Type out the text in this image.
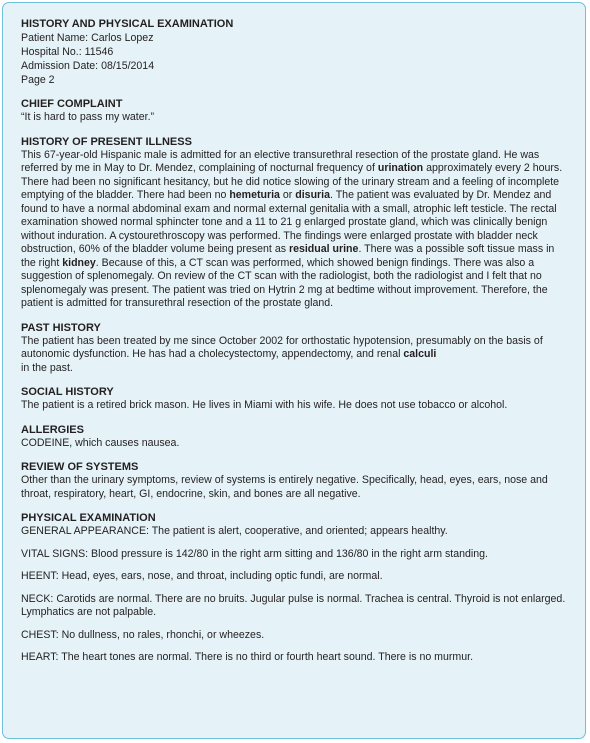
HISTORY AND PHYSICAL EXAMINATION
Patient Name: Carlos Lopez
Hospital No.: 11546
Admission Date: 08/15/2014
Page 2
CHIEF COMPLAINT

“It is hard to pass my water.”

HISTORY OF PRESENT ILLNESS

This 67-year-old Hispanic male is admitted for an elective transurethral resection of the prostate gland. He was referred by me in May to Dr. Mendez, complaining of nocturnal frequency of urination approximately every 2 hours. There had been no significant hesitancy, but he did notice slowing of the urinary stream and a feeling of incomplete emptying of the bladder. There had been no hemeturia or disuria. The patient was evaluated by Dr. Mendez and found to have a normal abdominal exam and normal external genitalia with a small, atrophic left testicle. The rectal examination showed normal sphincter tone and a 11 to 21 g enlarged prostate gland, which was clinically benign without induration. A cystourethroscopy was performed. The findings were enlarged prostate with bladder neck obstruction, 60% of the bladder volume being present as residual urine. There was a possible soft tissue mass in the right kidney. Because of this, a CT scan was performed, which showed benign findings. There was also a suggestion of splenomegaly. On review of the CT scan with the radiologist, both the radiologist and I felt that no splenomegaly was present. The patient was tried on Hytrin 2 mg at bedtime without improvement. Therefore, the patient is admitted for transurethral resection of the prostate gland.

PAST HISTORY

The patient has been treated by me since October 2002 for orthostatic hypotension, presumably on the basis of autonomic dysfunction. He has had a cholecystectomy, appendectomy, and renal calculi
in the past.

SOCIAL HISTORY

The patient is a retired brick mason. He lives in Miami with his wife. He does not use tobacco or alcohol.

ALLERGIES

CODEINE, which causes nausea.

REVIEW OF SYSTEMS

Other than the urinary symptoms, review of systems is entirely negative. Specifically, head, eyes, ears, nose and throat, respiratory, heart, GI, endocrine, skin, and bones are all negative.

PHYSICAL EXAMINATION

GENERAL APPEARANCE: The patient is alert, cooperative, and oriented; appears healthy.

VITAL SIGNS: Blood pressure is 142/80 in the right arm sitting and 136/80 in the right arm standing.

HEENT: Head, eyes, ears, nose, and throat, including optic fundi, are normal.

NECK: Carotids are normal. There are no bruits. Jugular pulse is normal. Trachea is central. Thyroid is not enlarged. Lymphatics are not palpable.

CHEST: No dullness, no rales, rhonchi, or wheezes.

HEART: The heart tones are normal. There is no third or fourth heart sound. There is no murmur.
